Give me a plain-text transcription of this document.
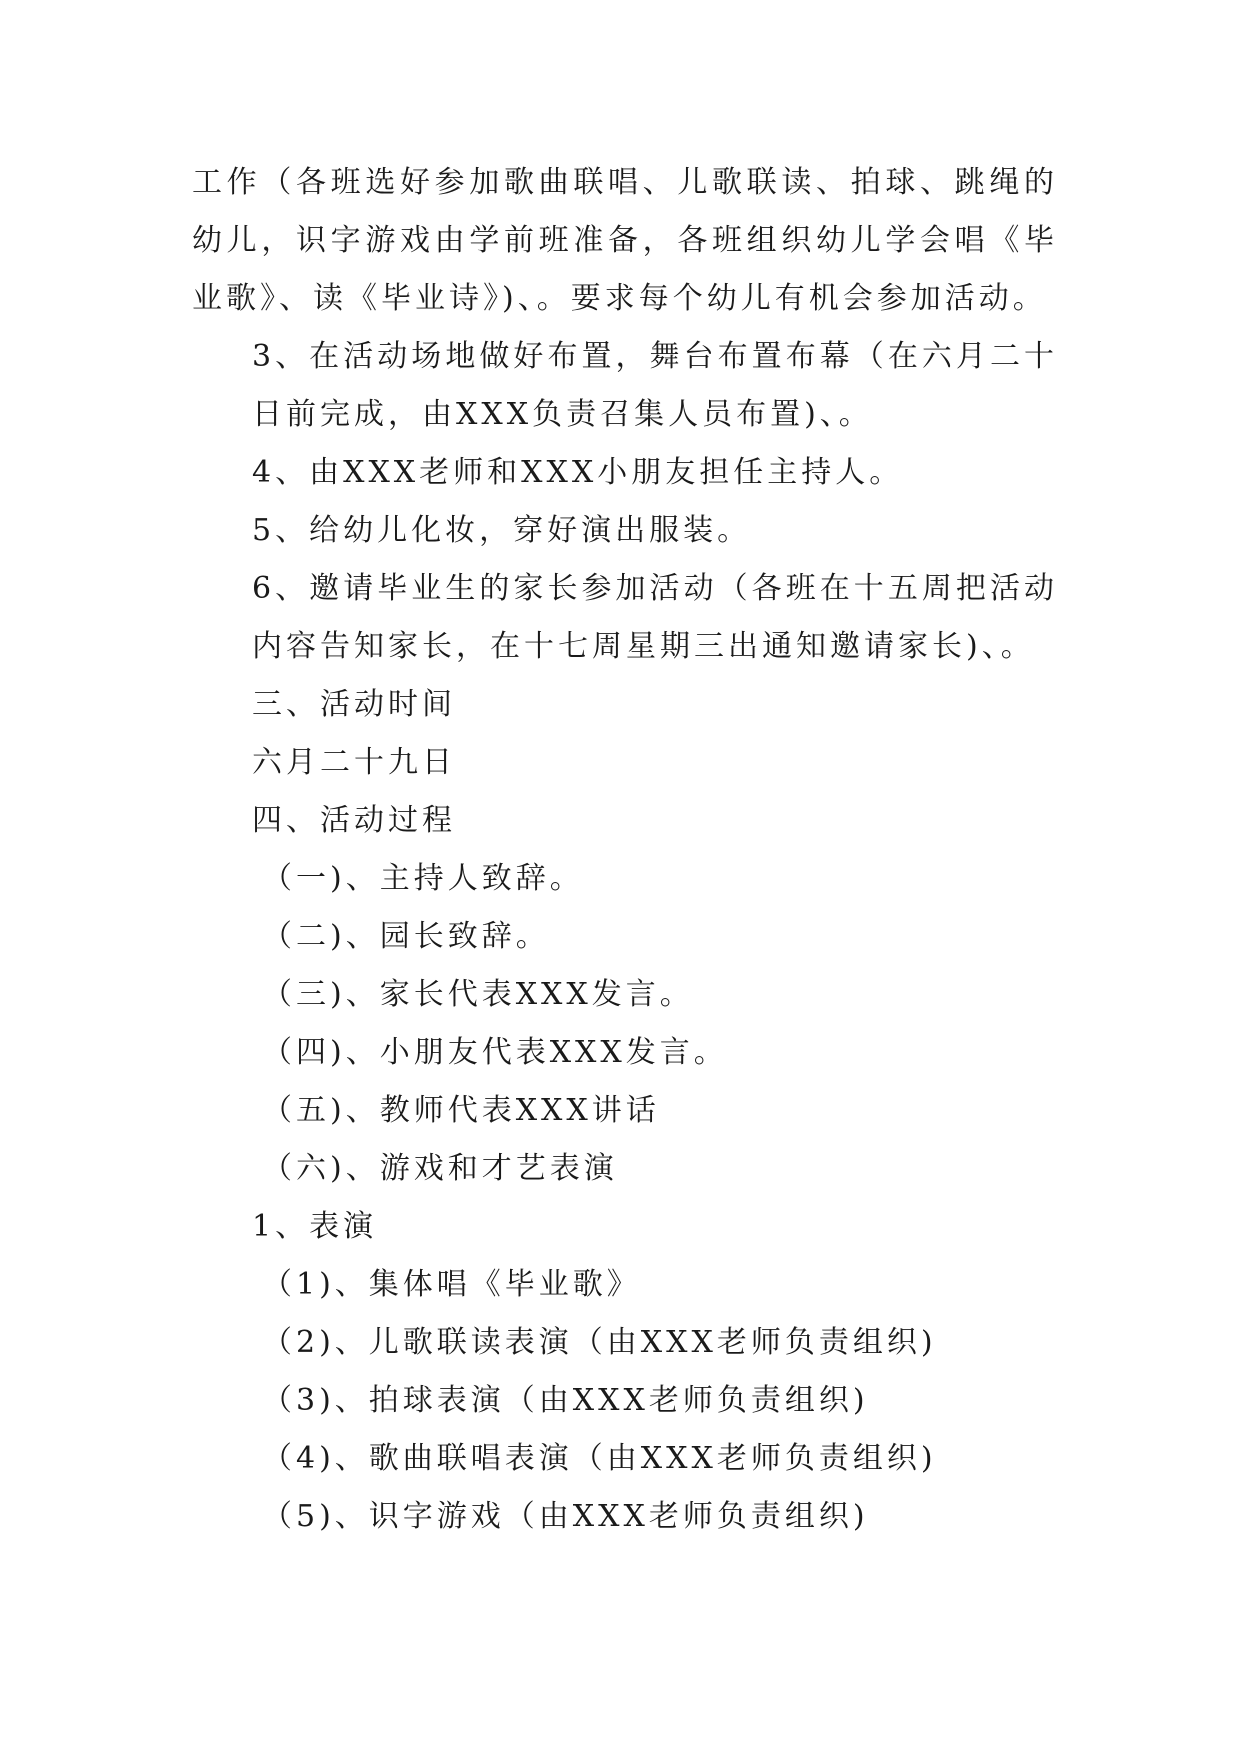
工作（各班选好参加歌曲联唱、儿歌联读、拍球、跳绳的幼儿，识字游戏由学前班准备，各班组织幼儿学会唱《毕业歌》、读《毕业诗》)、。要求每个幼儿有机会参加活动。

3、在活动场地做好布置，舞台布置布幕（在六月二十日前完成，由XXX负责召集人员布置)、。

4、由XXX老师和XXX小朋友担任主持人。

5、给幼儿化妆，穿好演出服装。

6、邀请毕业生的家长参加活动（各班在十五周把活动内容告知家长，在十七周星期三出通知邀请家长)、。

三、活动时间

六月二十九日

四、活动过程

（一)、主持人致辞。

（二)、园长致辞。

（三)、家长代表XXX发言。

（四)、小朋友代表XXX发言。

（五)、教师代表XXX讲话

（六)、游戏和才艺表演

1、表演

（1)、集体唱《毕业歌》

（2)、儿歌联读表演（由XXX老师负责组织)

（3)、拍球表演（由XXX老师负责组织)

（4)、歌曲联唱表演（由XXX老师负责组织)

（5)、识字游戏（由XXX老师负责组织)
